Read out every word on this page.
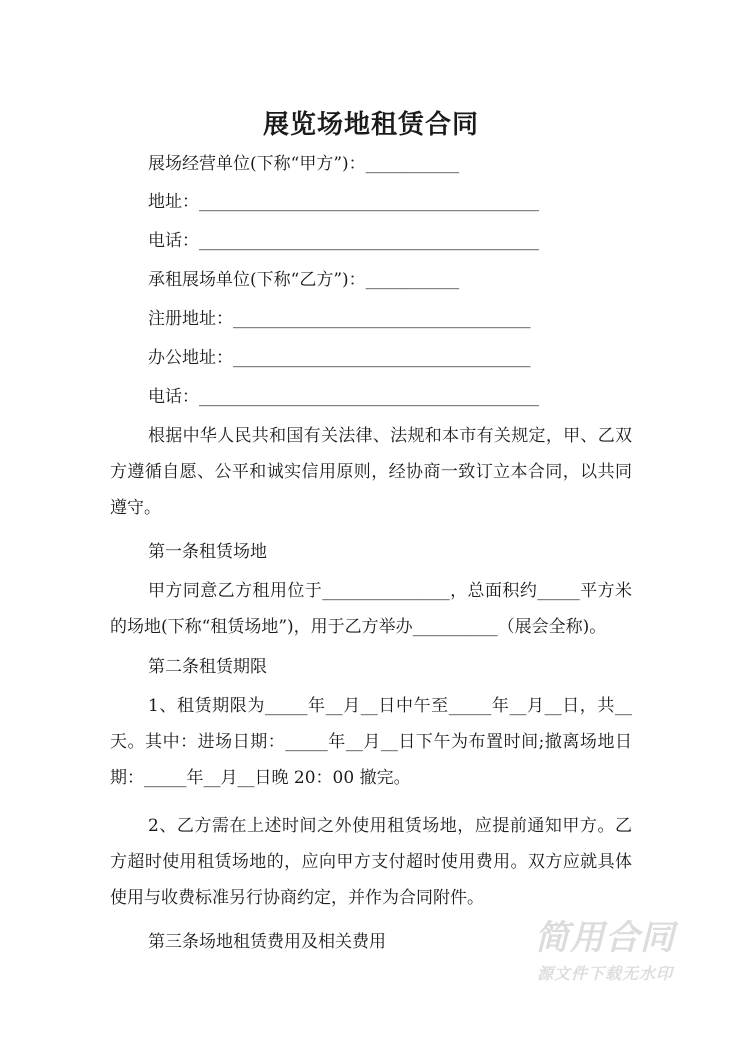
展览场地租赁合同
展场经营单位(下称“甲方”)：___________
地址：________________________________________
电话：________________________________________
承租展场单位(下称“乙方”)：___________
注册地址：___________________________________
办公地址：___________________________________
电话：________________________________________
根据中华人民共和国有关法律、法规和本市有关规定，甲、乙双方遵循自愿、公平和诚实信用原则，经协商一致订立本合同，以共同遵守。
第一条租赁场地
甲方同意乙方租用位于_______________，总面积约_____平方米的场地(下称“租赁场地”)，用于乙方举办__________（展会全称)。
第二条租赁期限
1、租赁期限为_____年__月__日中午至_____年__月__日，共__天。其中：进场日期：_____年__月__日下午为布置时间;撤离场地日期：_____年__月__日晚 20：00 撤完。
2、乙方需在上述时间之外使用租赁场地，应提前通知甲方。乙方超时使用租赁场地的，应向甲方支付超时使用费用。双方应就具体使用与收费标准另行协商约定，并作为合同附件。
第三条场地租赁费用及相关费用	简用合同
源文件下载无水印
